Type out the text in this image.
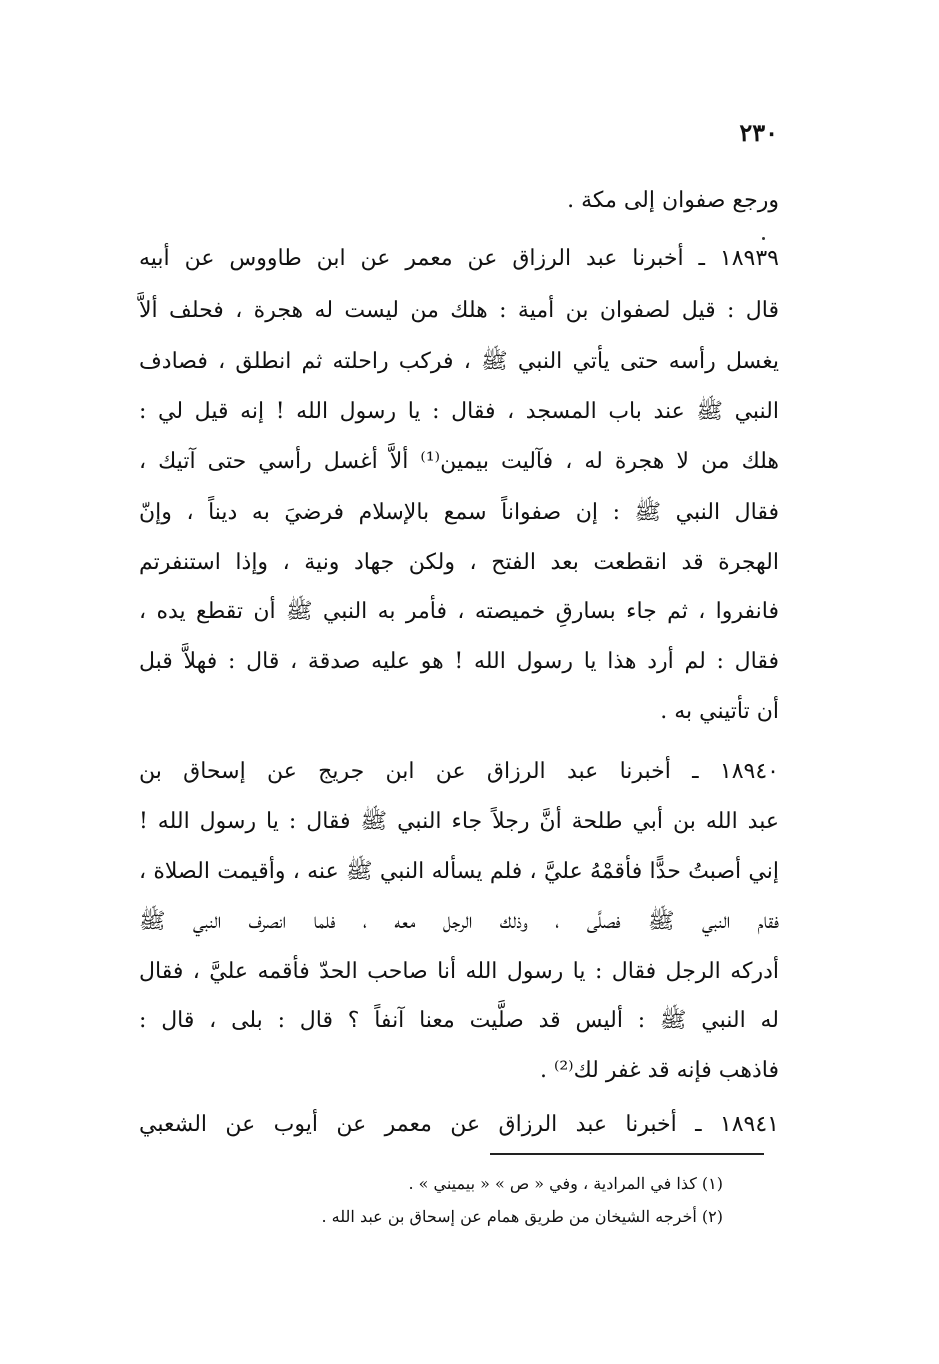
٢٣٠
ورجع صفوان إلى مكة .
١٨٩٣٩ ـ أخبرنا عبد الرزاق عن معمر عن ابن طاووس عن أبيه
قال : قيل لصفوان بن أمية : هلك من ليست له هجرة ، فحلف ألاَّ
يغسل رأسه حتى يأتي النبي ﷺ ، فركب راحلته ثم انطلق ، فصادف
النبي ﷺ عند باب المسجد ، فقال : يا رسول الله ! إنه قيل لي :
هلك من لا هجرة له ، فآليت بيمين⁽¹⁾ ألاَّ أغسل رأسي حتى آتيك ،
فقال النبي ﷺ : إن صفواناً سمع بالإسلام فرضيَ به ديناً ، وإنّ
الهجرة قد انقطعت بعد الفتح ، ولكن جهاد ونية ، وإذا استنفرتم
فانفروا ، ثم جاء بسارقِ خميصته ، فأمر به النبي ﷺ أن تقطع يده ،
فقال : لم أرد هذا يا رسول الله ! هو عليه صدقة ، قال : فهلاَّ قبل
أن تأتيني به .
١٨٩٤٠ ـ أخبرنا عبد الرزاق عن ابن جريج عن إسحاق بن
عبد الله بن أبي طلحة أنَّ رجلاً جاء النبي ﷺ فقال : يا رسول الله !
إني أصبتُ حدًّا فأقمْهُ عليَّ ، فلم يسأله النبي ﷺ عنه ، وأقيمت الصلاة ،
فقام النبي ﷺ فصلَّى ، وذلك الرجل معه ، فلما انصرف النبي ﷺ
أدركه الرجل فقال : يا رسول الله أنا صاحب الحدّ فأقمه عليَّ ، فقال
له النبي ﷺ : أليس قد صلَّيت معنا آنفاً ؟ قال : بلى ، قال :
فاذهب فإنه قد غفر لك⁽²⁾ .
١٨٩٤١ ـ أخبرنا عبد الرزاق عن معمر عن أيوب عن الشعبي
(١) كذا في المرادية ، وفي « ص » « بيميني » .
(٢) أخرجه الشيخان من طريق همام عن إسحاق بن عبد الله .
